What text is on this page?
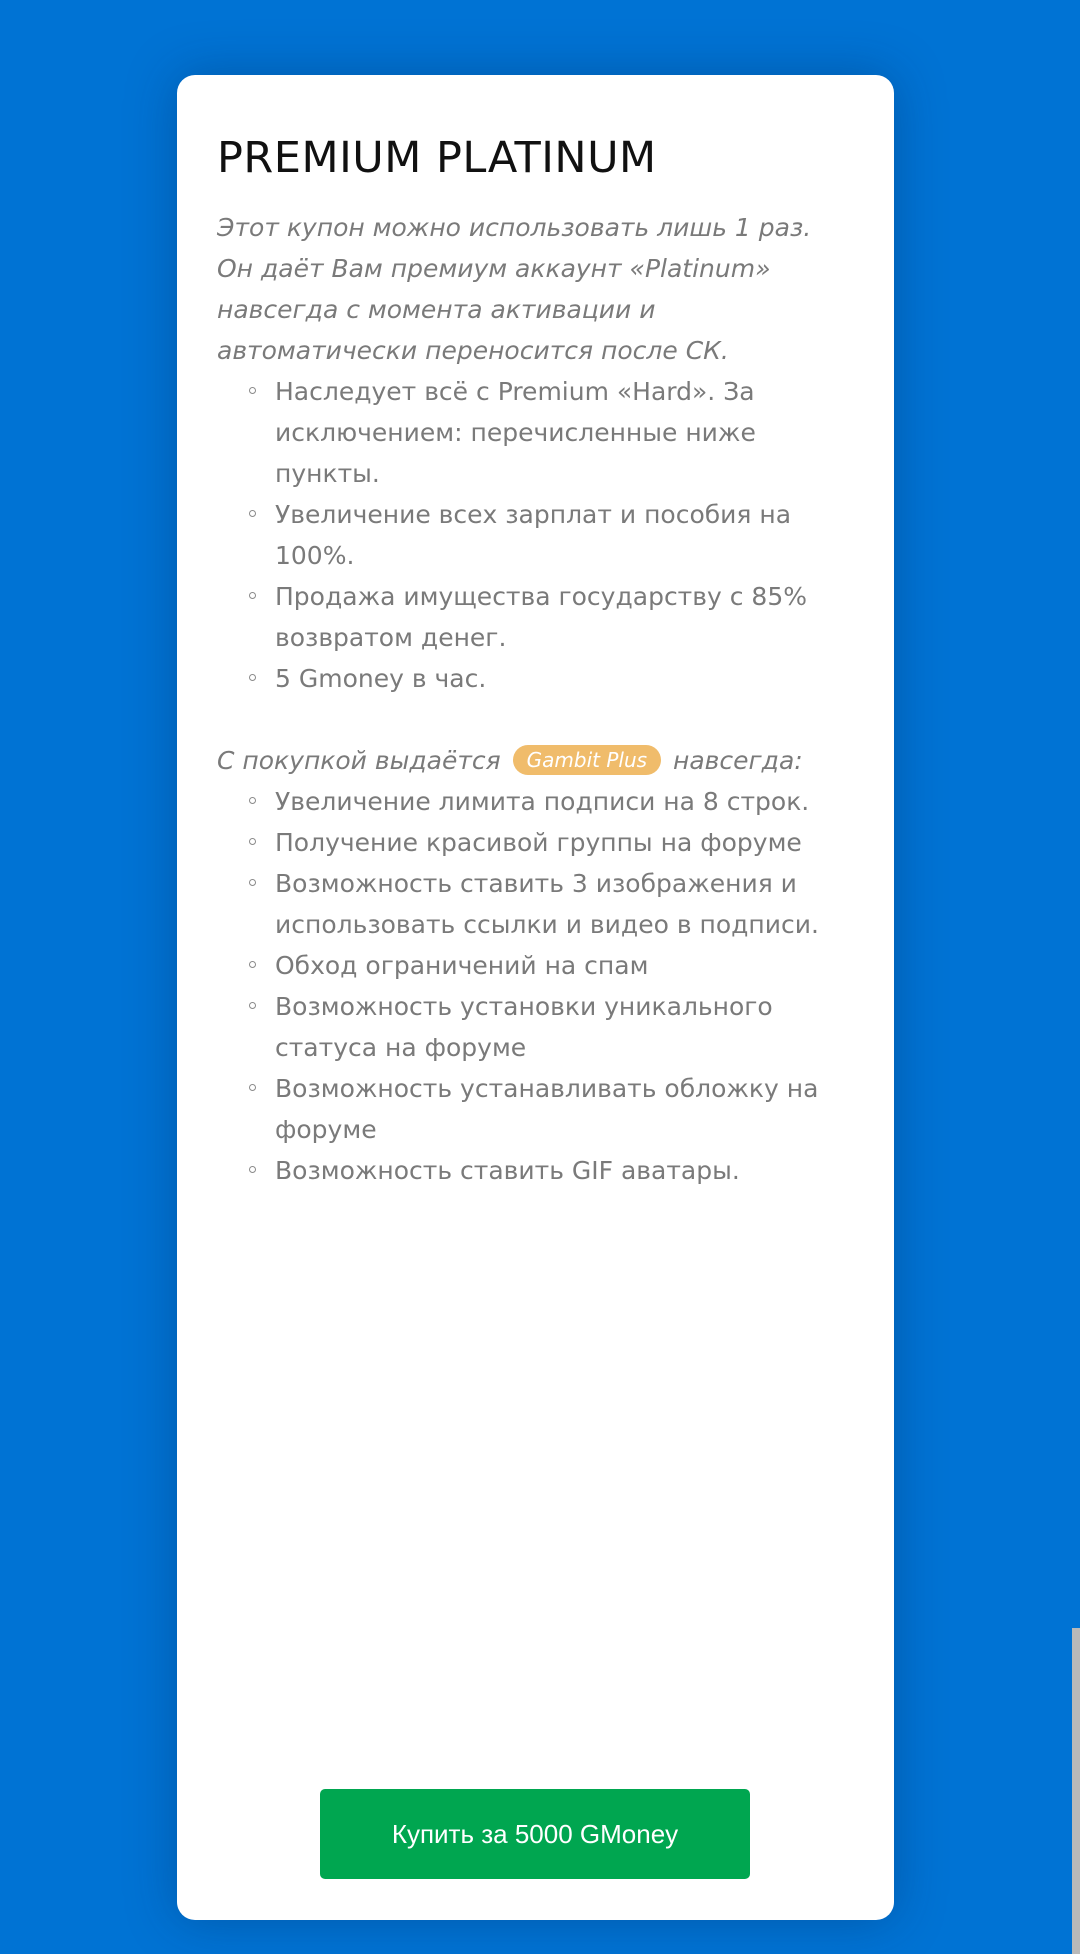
PREMIUM PLATINUM

Этот купон можно использовать лишь 1 раз. Он даёт Вам премиум аккаунт «Platinum» навсегда с момента активации и автоматически переносится после СК.

Наследует всё с Premium «Hard». За исключением: перечисленные ниже пункты.
Увеличение всех зарплат и пособия на 100%.
Продажа имущества государству с 85% возвратом денег.
5 Gmoney в час.

С покупкой выдаётся Gambit Plus навсегда:

Увеличение лимита подписи на 8 строк.
Получение красивой группы на форуме
Возможность ставить 3 изображения и использовать ссылки и видео в подписи.
Обход ограничений на спам
Возможность установки уникального статуса на форуме
Возможность устанавливать обложку на форуме
Возможность ставить GIF аватары.
Купить за 5000 GMoney
